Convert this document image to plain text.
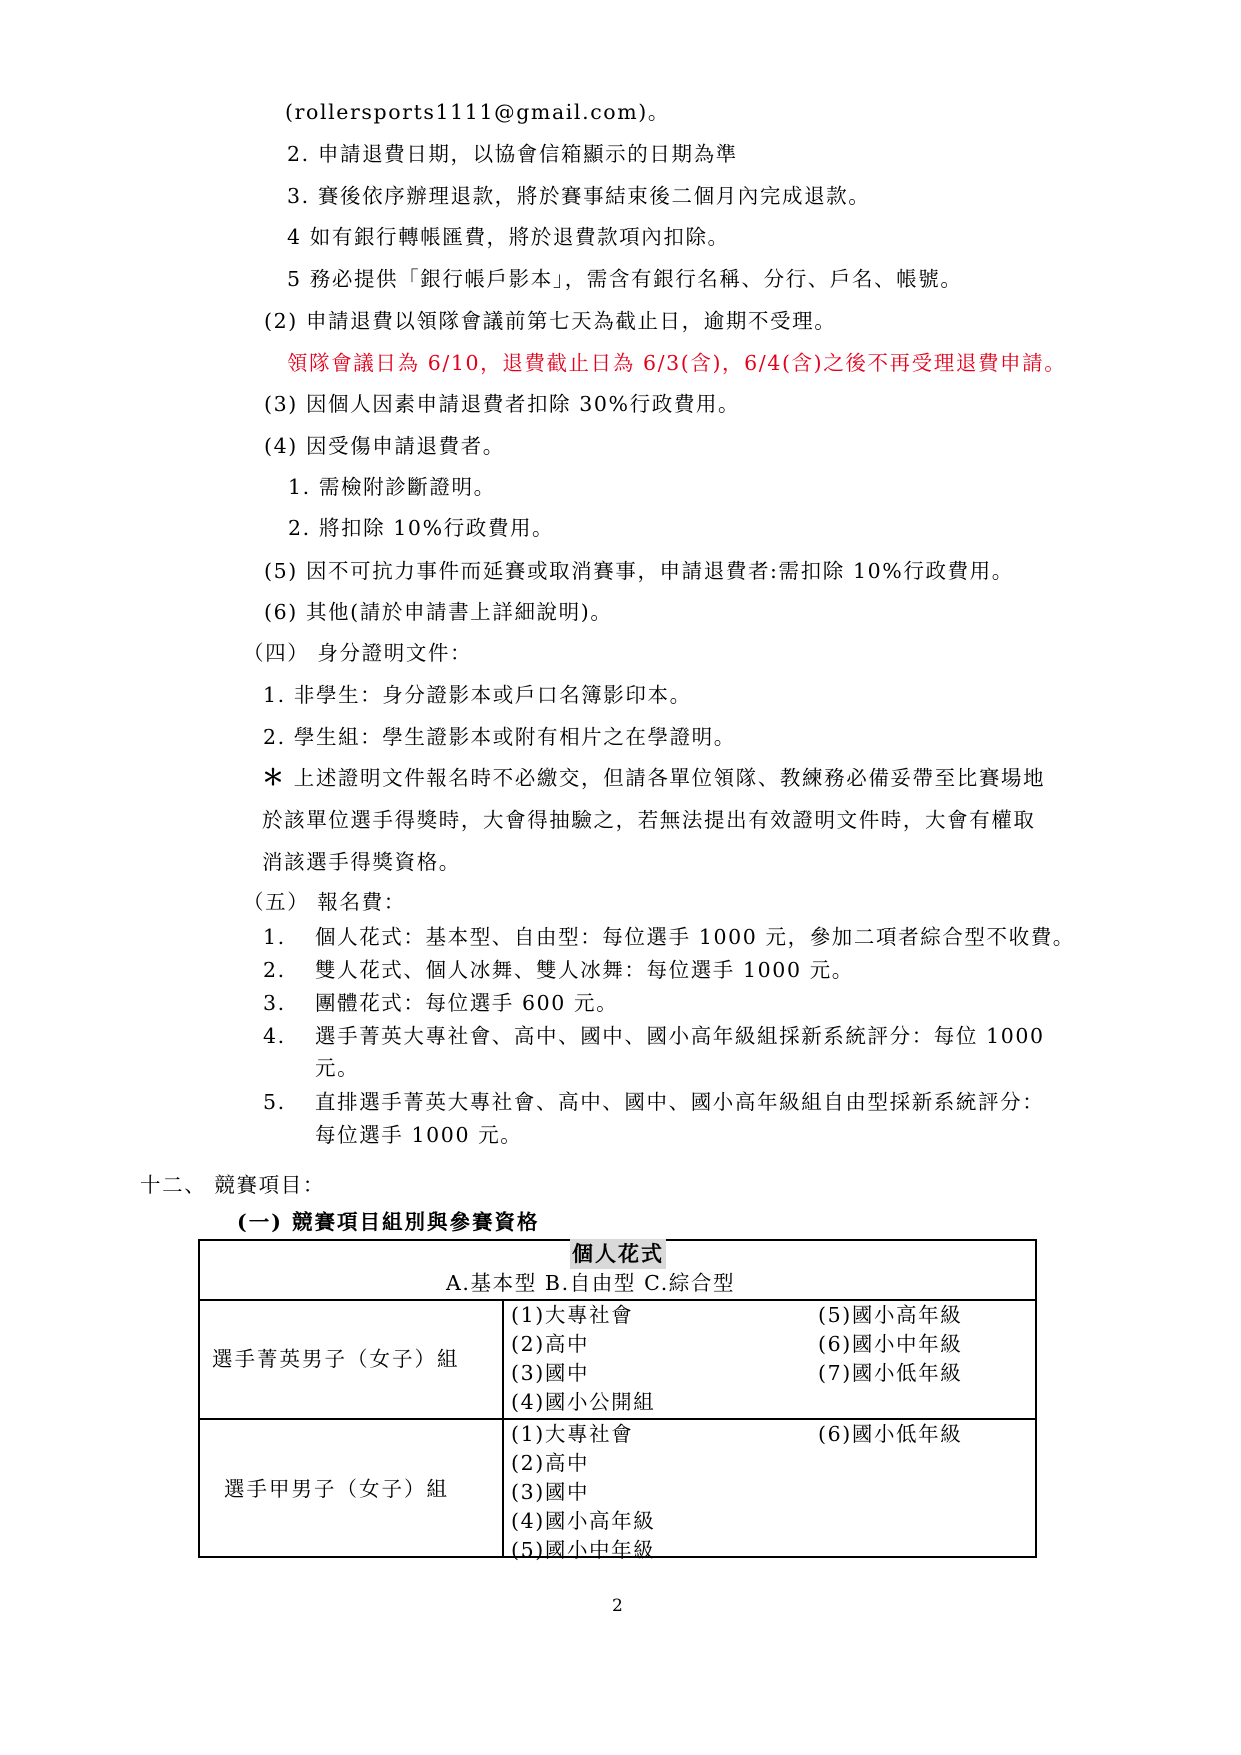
(rollersports1111@gmail.com)。
2. 申請退費日期，以協會信箱顯示的日期為準
3. 賽後依序辦理退款，將於賽事結束後二個月內完成退款。
4 如有銀行轉帳匯費，將於退費款項內扣除。
5 務必提供「銀行帳戶影本」，需含有銀行名稱、分行、戶名、帳號。
(2) 申請退費以領隊會議前第七天為截止日，逾期不受理。
領隊會議日為 6/10，退費截止日為 6/3(含)，6/4(含)之後不再受理退費申請。
(3) 因個人因素申請退費者扣除 30%行政費用。
(4) 因受傷申請退費者。
1. 需檢附診斷證明。
2. 將扣除 10%行政費用。
(5) 因不可抗力事件而延賽或取消賽事，申請退費者:需扣除 10%行政費用。
(6) 其他(請於申請書上詳細說明)。
（四） 身分證明文件：
1. 非學生：身分證影本或戶口名簿影印本。
2. 學生組：學生證影本或附有相片之在學證明。
＊ 上述證明文件報名時不必繳交，但請各單位領隊、教練務必備妥帶至比賽場地
於該單位選手得獎時，大會得抽驗之，若無法提出有效證明文件時，大會有權取
消該選手得獎資格。
（五） 報名費：
1. 個人花式：基本型、自由型：每位選手 1000 元，參加二項者綜合型不收費。
2. 雙人花式、個人冰舞、雙人冰舞：每位選手 1000 元。
3. 團體花式：每位選手 600 元。
4. 選手菁英大專社會、高中、國中、國小高年級組採新系統評分：每位 1000
元。
5. 直排選手菁英大專社會、高中、國中、國小高年級組自由型採新系統評分：
每位選手 1000 元。
十二、 競賽項目：
(一) 競賽項目組別與參賽資格
個人花式
A.基本型 B.自由型 C.綜合型
選手菁英男子（女子）組
(1)大專社會
(2)高中
(3)國中
(4)國小公開組
(5)國小高年級
(6)國小中年級
(7)國小低年級
選手甲男子（女子）組
(1)大專社會
(2)高中
(3)國中
(4)國小高年級
(5)國小中年級
(6)國小低年級
2
